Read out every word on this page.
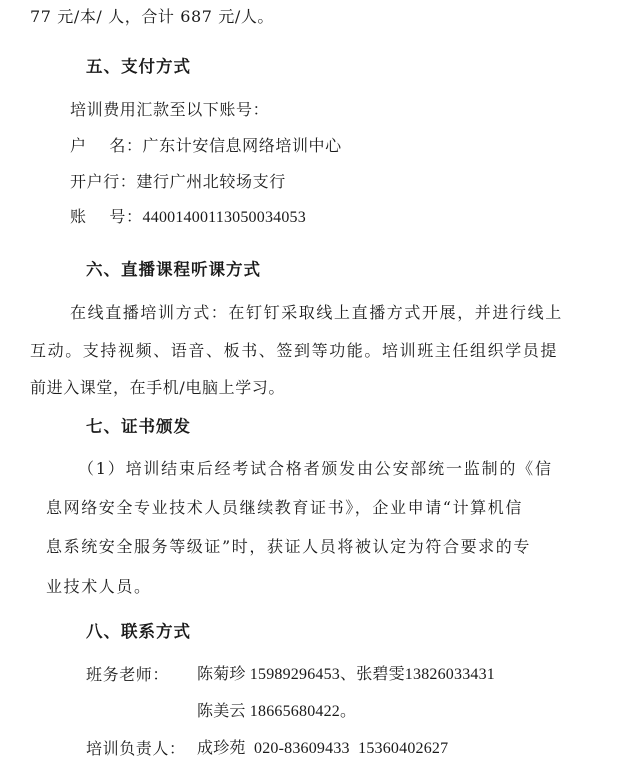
77 元/本/ 人，合计 687 元/人。
五、支付方式
培训费用汇款至以下账号：
户    名：广东计安信息网络培训中心
开户行：建行广州北较场支行
账    号：44001400113050034053
六、直播课程听课方式
在线直播培训方式：在钉钉采取线上直播方式开展，并进行线上
互动。支持视频、语音、板书、签到等功能。培训班主任组织学员提
前进入课堂，在手机/电脑上学习。
七、证书颁发
（1）培训结束后经考试合格者颁发由公安部统一监制的《信
息网络安全专业技术人员继续教育证书》，企业申请“计算机信
息系统安全服务等级证”时，获证人员将被认定为符合要求的专
业技术人员。
八、联系方式
班务老师： 陈菊珍 15989296453、张碧雯13826033431
陈美云 18665680422。
培训负责人： 成珍苑  020-83609433  15360402627
